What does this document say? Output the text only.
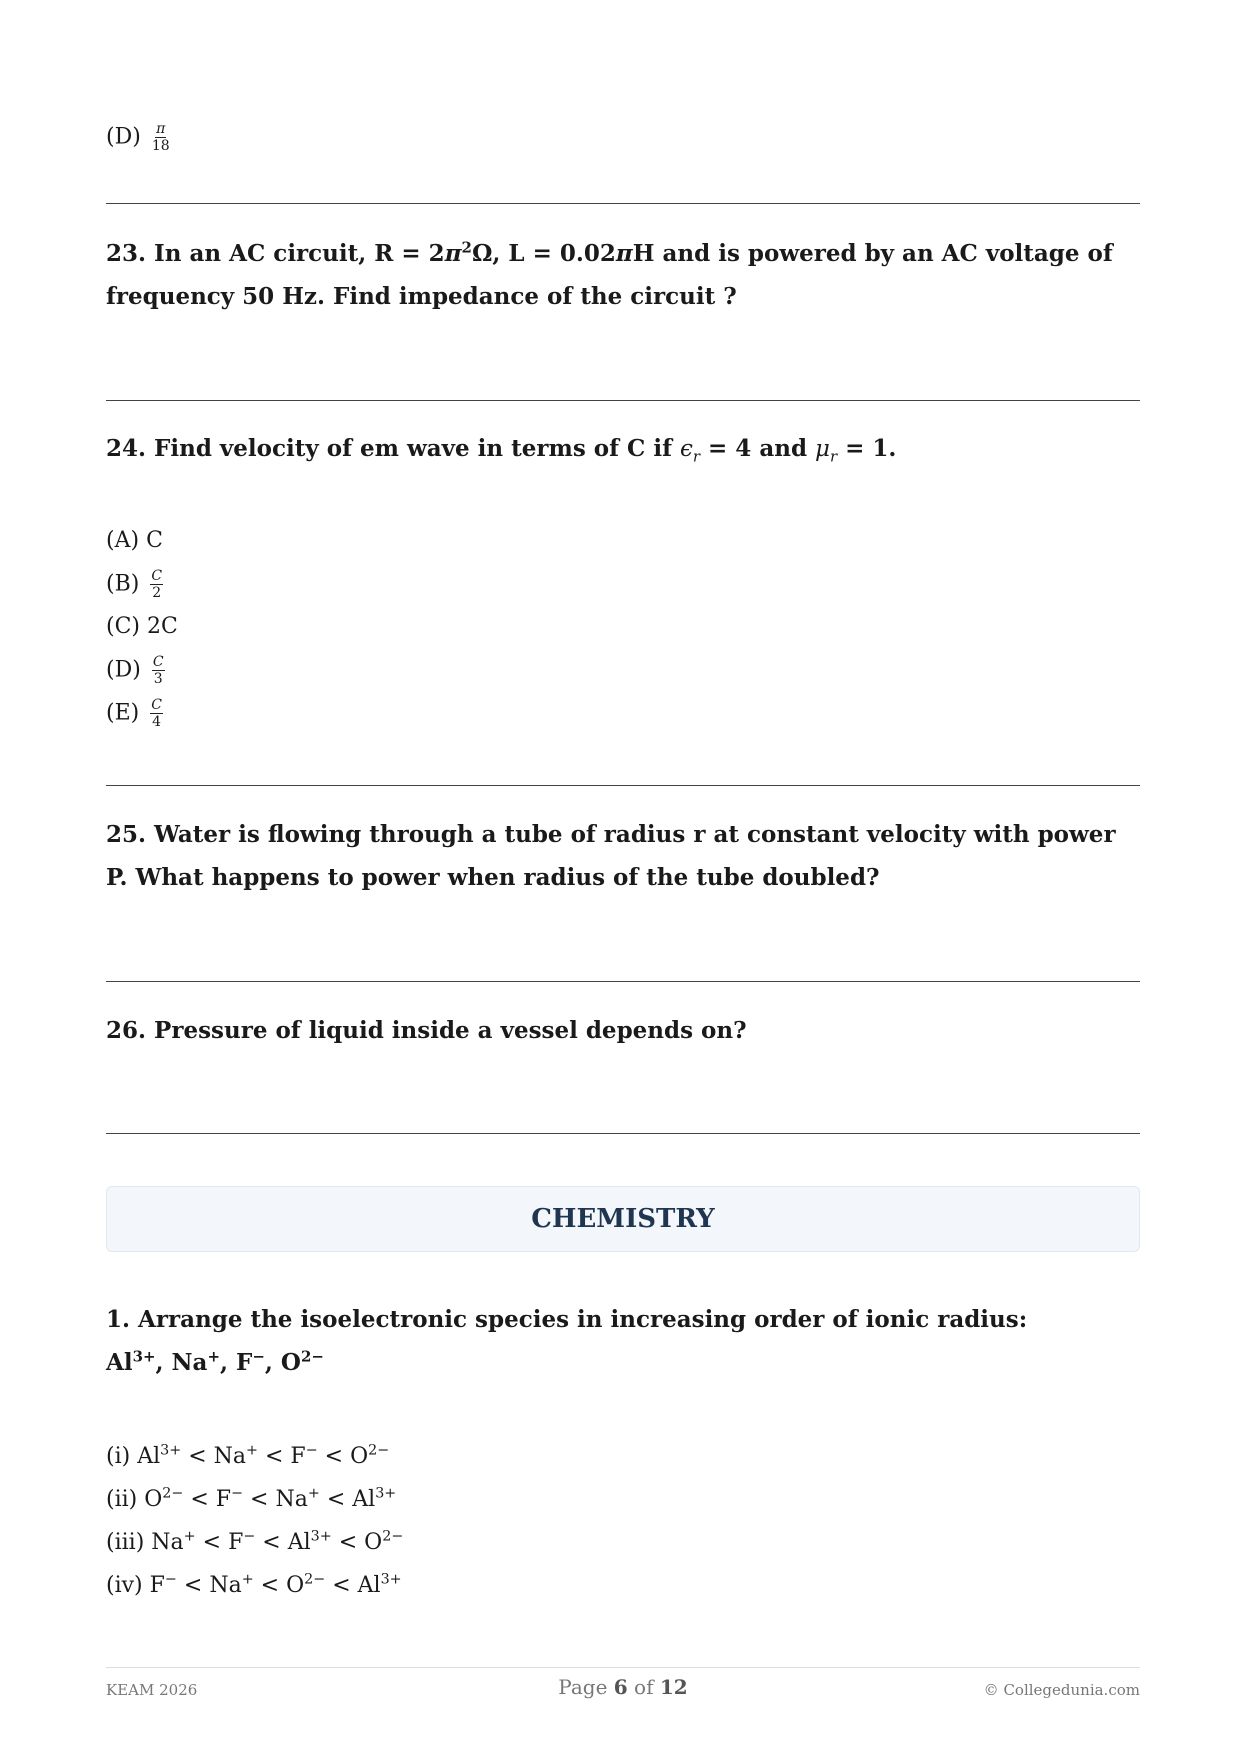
$(D) \frac{\pi}{18}$
23. In an AC circuit, $R = 2\pi^2\Omega$, L = 0.02πH and is powered by an AC voltage of frequency 50 Hz. Find impedance of the circuit ?
24. Find velocity of em wave in terms of C if $\epsilon_r = 4$ and $\mu_r = 1$.
(A) C
$(B) \frac{C}{2}$
(C) 2C
$(D) \frac{C}{3}$
$(E) \frac{C}{4}$
25. Water is flowing through a tube of radius r at constant velocity with power P. What happens to power when radius of the tube doubled?
26. Pressure of liquid inside a vessel depends on?
CHEMISTRY
1. Arrange the isoelectronic species in increasing order of ionic radius:
$Al^{3+}$, Na+, F−, $O^{2-}$
(i) $Al^{3+} < Na^+ < F^- < O^{2-}$
(ii) $O^{2-} < F^- < Na^+ < Al^{3+}$
(iii) $Na^+ < F^- < Al^{3+} < O^{2-}$
(iv) $F^- < Na^+ < O^{2-} < Al^{3+}$
KEAM 2026	Page 6 of 12	© Collegedunia.com
